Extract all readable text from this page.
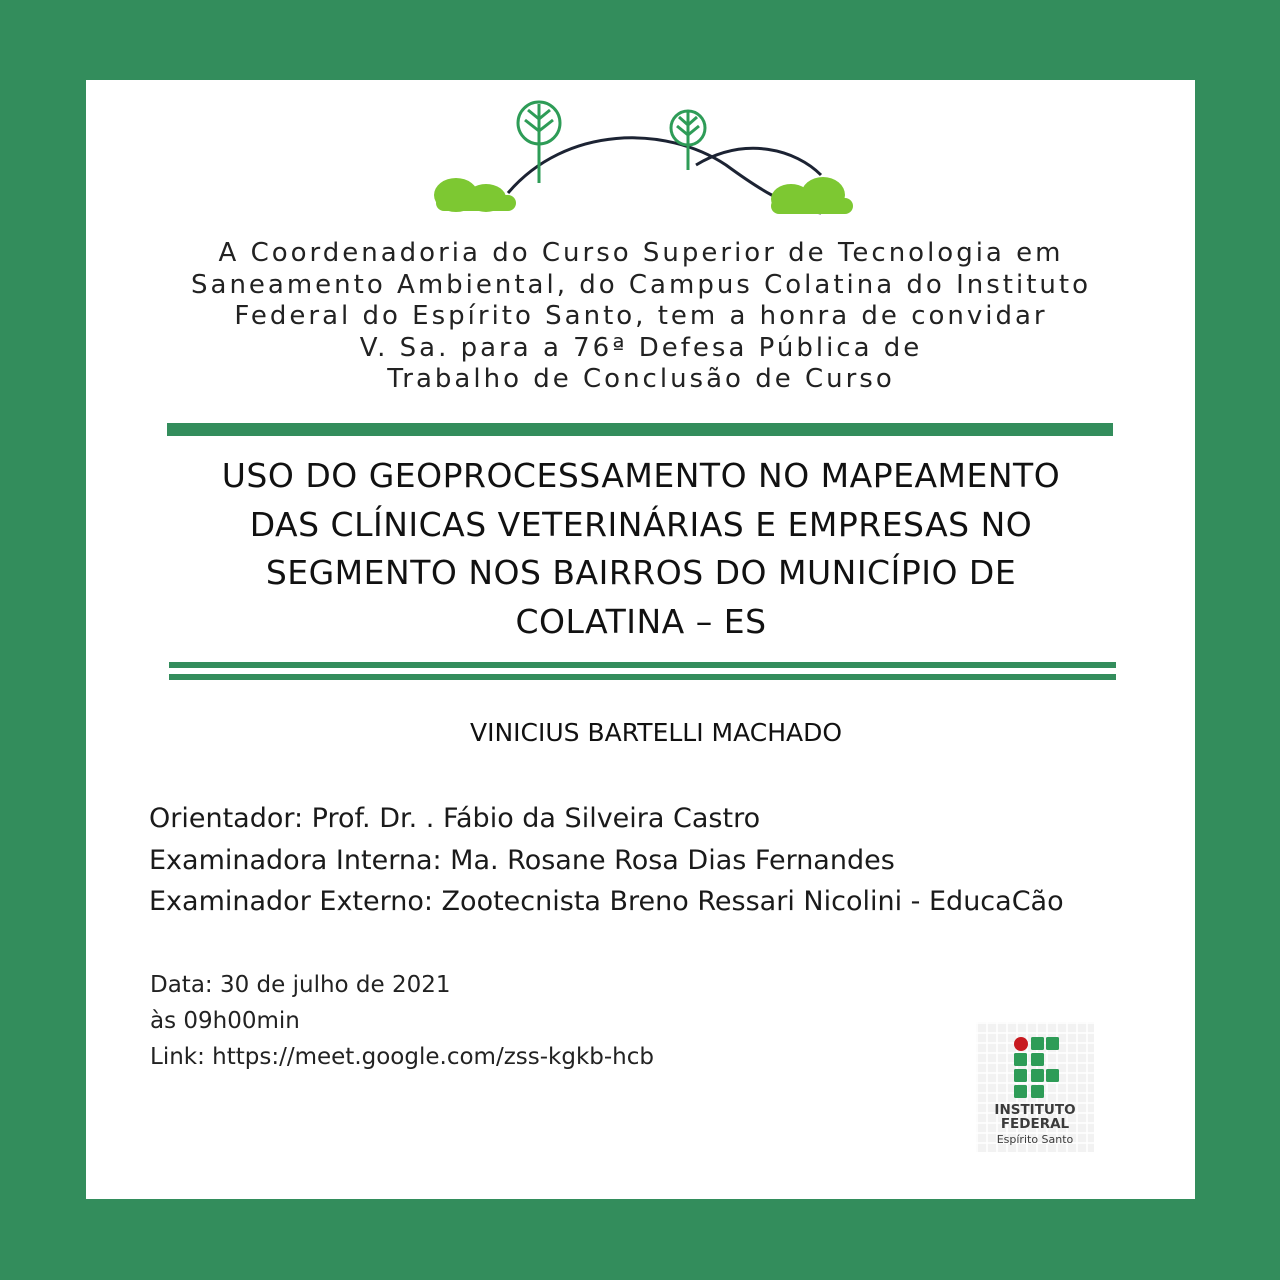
A Coordenadoria do Curso Superior de Tecnologia em
Saneamento Ambiental, do Campus Colatina do Instituto
Federal do Espírito Santo, tem a honra de convidar
V. Sa. para a 76ª Defesa Pública de
Trabalho de Conclusão de Curso
USO DO GEOPROCESSAMENTO NO MAPEAMENTO
DAS CLÍNICAS VETERINÁRIAS E EMPRESAS NO
SEGMENTO NOS BAIRROS DO MUNICÍPIO DE
COLATINA – ES
VINICIUS BARTELLI MACHADO
Orientador: Prof. Dr. . Fábio da Silveira Castro
Examinadora Interna: Ma. Rosane Rosa Dias Fernandes
Examinador Externo: Zootecnista Breno Ressari Nicolini - EducaCão
Data: 30 de julho de 2021
às 09h00min
Link: https://meet.google.com/zss-kgkb-hcb
INSTITUTO
FEDERAL
Espírito Santo
